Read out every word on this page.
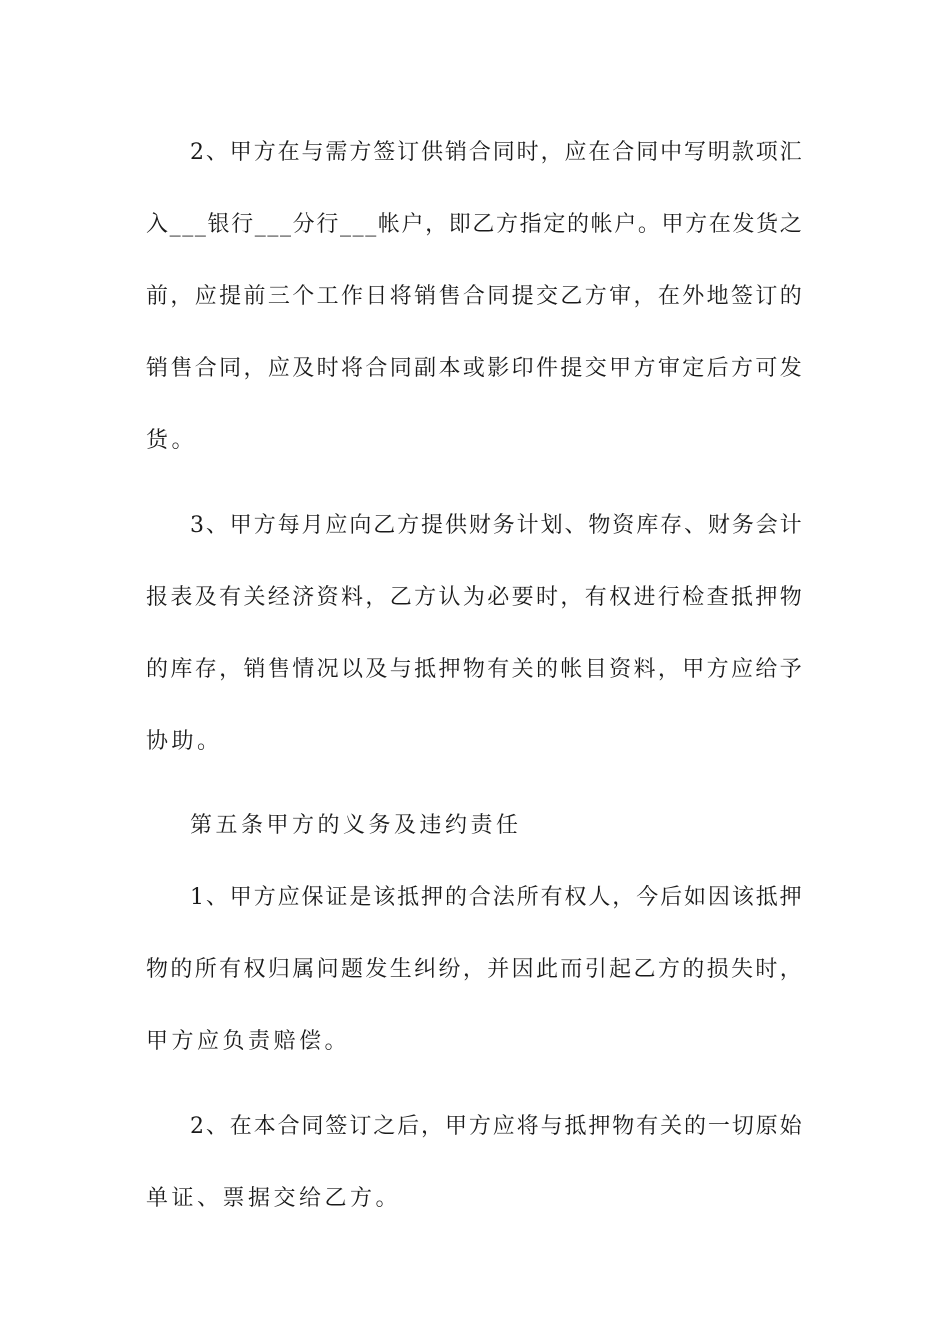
2 、 甲 方 在 与 需 方 签 订 供 销 合 同 时 ， 应 在 合 同 中 写 明 款 项 汇
入 _ _ _ 银 行 _ _ _ 分 行 _ _ _ 帐 户 ， 即 乙 方 指 定 的 帐 户 。 甲 方 在 发 货 之
前 ， 应 提 前 三 个 工 作 日 将 销 售 合 同 提 交 乙 方 审 ， 在 外 地 签 订 的
销 售 合 同 ， 应 及 时 将 合 同 副 本 或 影 印 件 提 交 甲 方 审 定 后 方 可 发
货。
3 、 甲 方 每 月 应 向 乙 方 提 供 财 务 计 划 、 物 资 库 存 、 财 务 会 计
报 表 及 有 关 经 济 资 料 ， 乙 方 认 为 必 要 时 ， 有 权 进 行 检 查 抵 押 物
的 库 存 ， 销 售 情 况 以 及 与 抵 押 物 有 关 的 帐 目 资 料 ， 甲 方 应 给 予
协助。
第五条甲方的义务及违约责任
1 、 甲 方 应 保 证 是 该 抵 押 的 合 法 所 有 权 人 ， 今 后 如 因 该 抵 押
物 的 所 有 权 归 属 问 题 发 生 纠 纷 ， 并 因 此 而 引 起 乙 方 的 损 失 时 ，
甲方应负责赔偿。
2 、 在 本 合 同 签 订 之 后 ， 甲 方 应 将 与 抵 押 物 有 关 的 一 切 原 始
单证、票据交给乙方。
